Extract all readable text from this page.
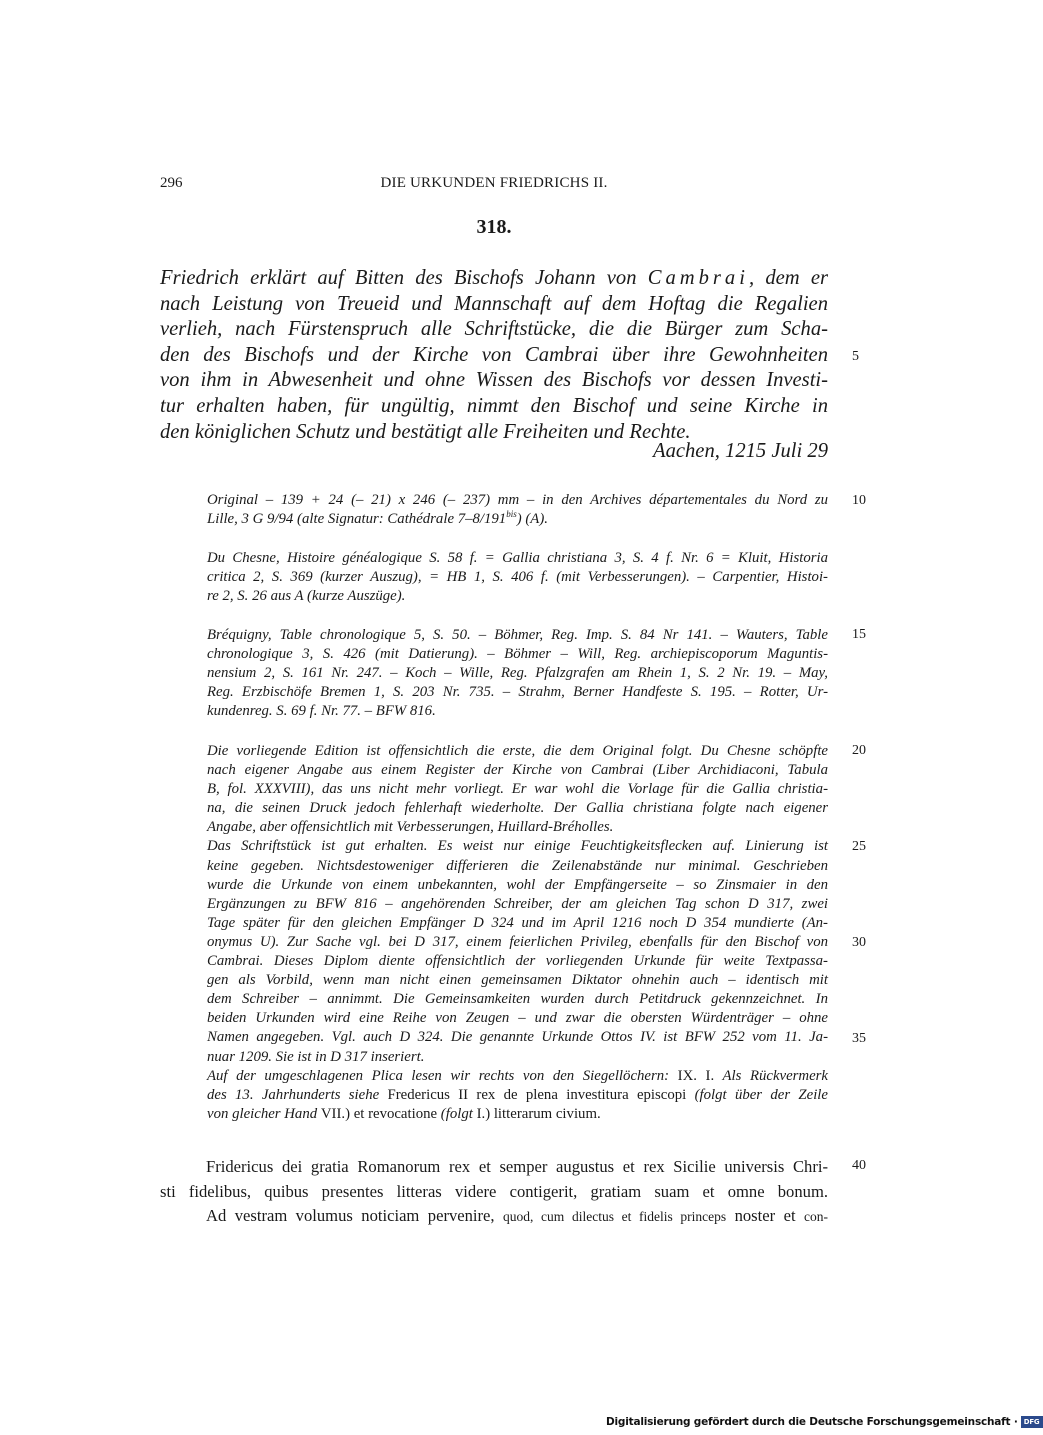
296	DIE URKUNDEN FRIEDRICHS II.
318.
Friedrich erklärt auf Bitten des Bischofs Johann von Cambrai, dem er
nach Leistung von Treueid und Mannschaft auf dem Hoftag die Regalien
verlieh, nach Fürstenspruch alle Schriftstücke, die die Bürger zum Scha-
den des Bischofs und der Kirche von Cambrai über ihre Gewohnheiten
von ihm in Abwesenheit und ohne Wissen des Bischofs vor dessen Investi-
tur erhalten haben, für ungültig, nimmt den Bischof und seine Kirche in
den königlichen Schutz und bestätigt alle Freiheiten und Rechte.
Aachen, 1215 Juli 29
Original – 139 + 24 (– 21) x 246 (– 237) mm – in den Archives départementales du Nord zu
Lille, 3 G 9/94 (alte Signatur: Cathédrale $7-8/191^{bis}$) (A).
Du Chesne, Histoire généalogique S. 58 f. = Gallia christiana 3, S. 4 f. Nr. 6 = Kluit, Historia
critica 2, S. 369 (kurzer Auszug), = HB 1, S. 406 f. (mit Verbesserungen). – Carpentier, Histoi-
re 2, S. 26 aus A (kurze Auszüge).
Bréquigny, Table chronologique 5, S. 50. – Böhmer, Reg. Imp. S. 84 Nr 141. – Wauters, Table
chronologique 3, S. 426 (mit Datierung). – Böhmer – Will, Reg. archiepiscoporum Maguntis-
nensium 2, S. 161 Nr. 247. – Koch – Wille, Reg. Pfalzgrafen am Rhein 1, S. 2 Nr. 19. – May,
Reg. Erzbischöfe Bremen 1, S. 203 Nr. 735. – Strahm, Berner Handfeste S. 195. – Rotter, Ur-
kundenreg. S. 69 f. Nr. 77. – BFW 816.
Die vorliegende Edition ist offensichtlich die erste, die dem Original folgt. Du Chesne schöpfte
nach eigener Angabe aus einem Register der Kirche von Cambrai (Liber Archidiaconi, Tabula
B, fol. XXXVIII), das uns nicht mehr vorliegt. Er war wohl die Vorlage für die Gallia christia-
na, die seinen Druck jedoch fehlerhaft wiederholte. Der Gallia christiana folgte nach eigener
Angabe, aber offensichtlich mit Verbesserungen, Huillard-Bréholles.
Das Schriftstück ist gut erhalten. Es weist nur einige Feuchtigkeitsflecken auf. Linierung ist
keine gegeben. Nichtsdestoweniger differieren die Zeilenabstände nur minimal. Geschrieben
wurde die Urkunde von einem unbekannten, wohl der Empfängerseite – so Zinsmaier in den
Ergänzungen zu BFW 816 – angehörenden Schreiber, der am gleichen Tag schon D 317, zwei
Tage später für den gleichen Empfänger D 324 und im April 1216 noch D 354 mundierte (An-
onymus U). Zur Sache vgl. bei D 317, einem feierlichen Privileg, ebenfalls für den Bischof von
Cambrai. Dieses Diplom diente offensichtlich der vorliegenden Urkunde für weite Textpassa-
gen als Vorbild, wenn man nicht einen gemeinsamen Diktator ohnehin auch – identisch mit
dem Schreiber – annimmt. Die Gemeinsamkeiten wurden durch Petitdruck gekennzeichnet. In
beiden Urkunden wird eine Reihe von Zeugen – und zwar die obersten Würdenträger – ohne
Namen angegeben. Vgl. auch D 324. Die genannte Urkunde Ottos IV. ist BFW 252 vom 11. Ja-
nuar 1209. Sie ist in D 317 inseriert.
Auf der umgeschlagenen Plica lesen wir rechts von den Siegellöchern: IX. I. Als Rückvermerk
des 13. Jahrhunderts siehe Fredericus II rex de plena investitura episcopi (folgt über der Zeile
von gleicher Hand VII.) et revocatione (folgt I.) litterarum civium.
Fridericus dei gratia Romanorum rex et semper augustus et rex Sicilie universis Chri-
sti fidelibus, quibus presentes litteras videre contigerit, gratiam suam et omne bonum.
Ad vestram volumus noticiam pervenire, quod, cum dilectus et fidelis princeps noster et con-
5
10
15
20
25
30
35
40
Digitalisierung gefördert durch die Deutsche Forschungsgemeinschaft · DFG
